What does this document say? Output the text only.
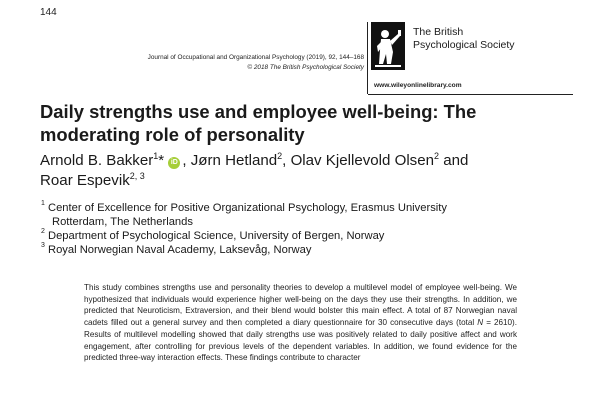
144
Journal of Occupational and Organizational Psychology (2019), 92, 144–168
© 2018 The British Psychological Society
The British
Psychological Society
www.wileyonlinelibrary.com
Daily strengths use and employee well-being: The moderating role of personality
Arnold B. Bakker$^1$* iD , Jørn Hetland$^2$, Olav Kjellevold Olsen$^2$ and
Roar Espevik$^{2, 3}$
1 Center of Excellence for Positive Organizational Psychology, Erasmus University
Rotterdam, The Netherlands
2 Department of Psychological Science, University of Bergen, Norway
3 Royal Norwegian Naval Academy, Laksevåg, Norway

This study combines strengths use and personality theories to develop a multilevel model of employee well-being. We hypothesized that individuals would experience higher well-being on the days they use their strengths. In addition, we predicted that Neuroticism, Extraversion, and their blend would bolster this main effect. A total of 87 Norwegian naval cadets filled out a general survey and then completed a diary questionnaire for 30 consecutive days (total N = 2610). Results of multilevel modelling showed that daily strengths use was positively related to daily positive affect and work engagement, after controlling for previous levels of the dependent variables. In addition, we found evidence for the predicted three-way interaction effects. These findings contribute to character
